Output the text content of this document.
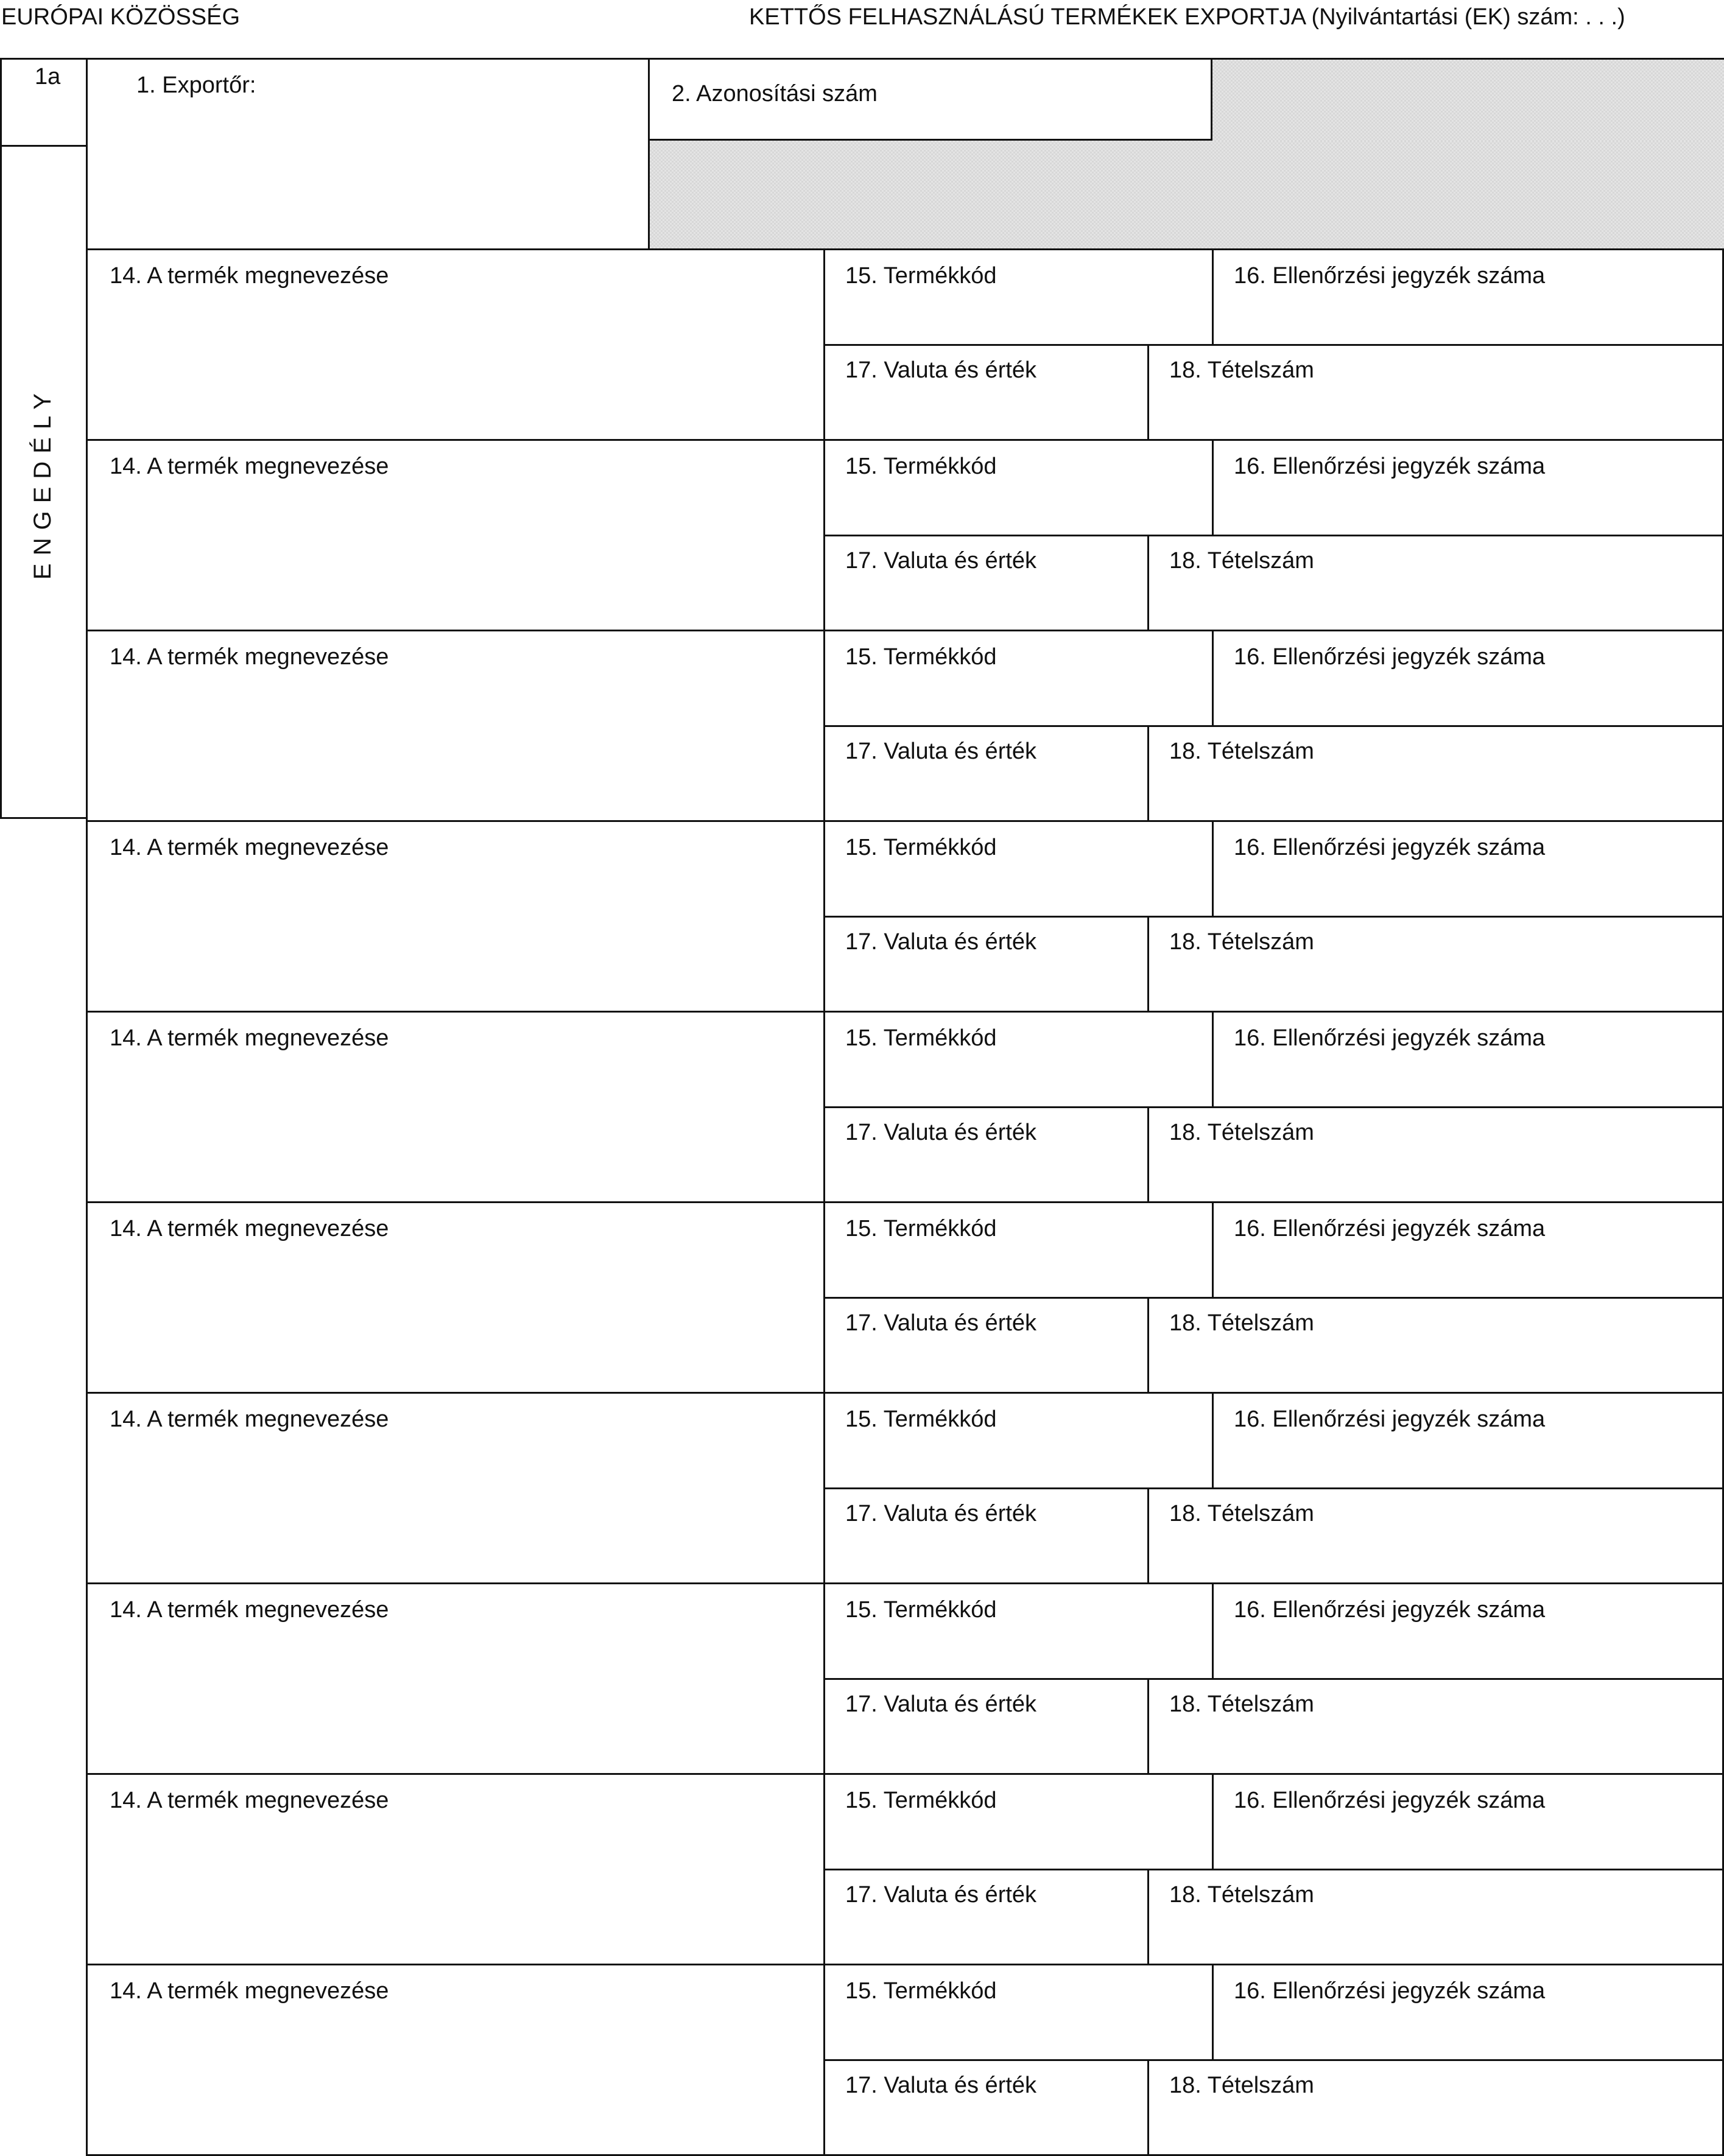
EURÓPAI KÖZÖSSÉG	KETTŐS FELHASZNÁLÁSÚ TERMÉKEK EXPORTJA (Nyilvántartási (EK) szám: . . .)
1a
ENGEDÉLY
1. Exportőr:	2. Azonosítási szám
14. A termék megnevezése	15. Termékkód	16. Ellenőrzési jegyzék száma
17. Valuta és érték	18. Tételszám
14. A termék megnevezése	15. Termékkód	16. Ellenőrzési jegyzék száma
17. Valuta és érték	18. Tételszám
14. A termék megnevezése	15. Termékkód	16. Ellenőrzési jegyzék száma
17. Valuta és érték	18. Tételszám
14. A termék megnevezése	15. Termékkód	16. Ellenőrzési jegyzék száma
17. Valuta és érték	18. Tételszám
14. A termék megnevezése	15. Termékkód	16. Ellenőrzési jegyzék száma
17. Valuta és érték	18. Tételszám
14. A termék megnevezése	15. Termékkód	16. Ellenőrzési jegyzék száma
17. Valuta és érték	18. Tételszám
14. A termék megnevezése	15. Termékkód	16. Ellenőrzési jegyzék száma
17. Valuta és érték	18. Tételszám
14. A termék megnevezése	15. Termékkód	16. Ellenőrzési jegyzék száma
17. Valuta és érték	18. Tételszám
14. A termék megnevezése	15. Termékkód	16. Ellenőrzési jegyzék száma
17. Valuta és érték	18. Tételszám
14. A termék megnevezése	15. Termékkód	16. Ellenőrzési jegyzék száma
17. Valuta és érték	18. Tételszám
